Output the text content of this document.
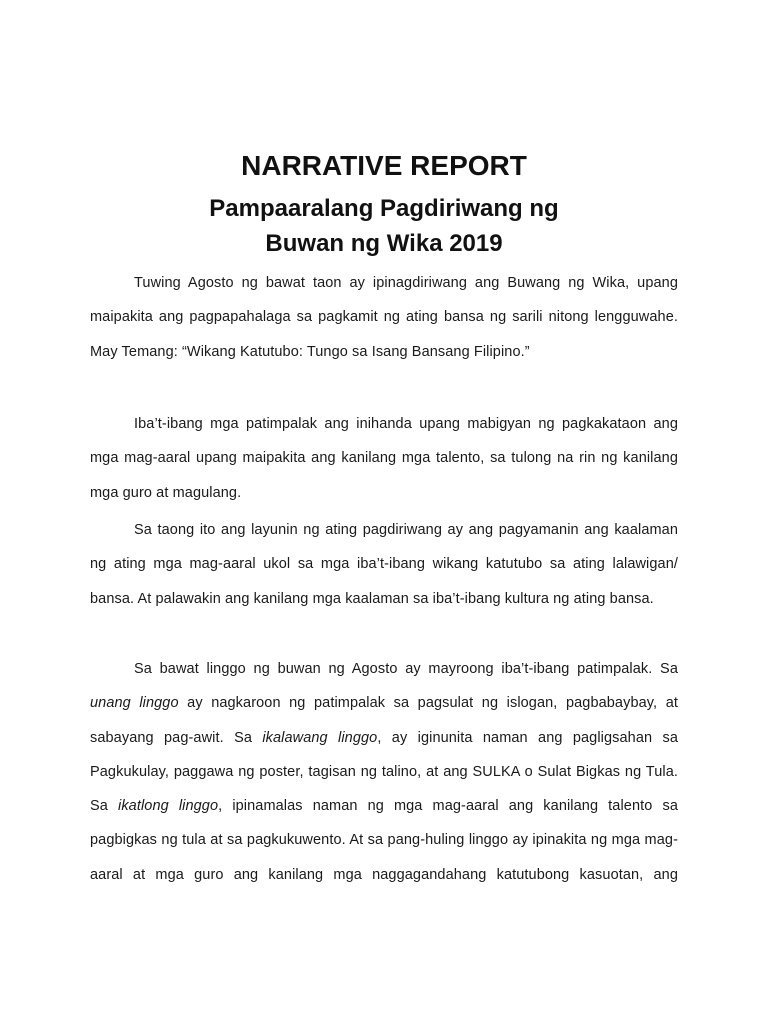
NARRATIVE REPORT
Pampaaralang Pagdiriwang ng
Buwan ng Wika 2019

Tuwing Agosto ng bawat taon ay ipinagdiriwang ang Buwang ng Wika, upang maipakita ang pagpapahalaga sa pagkamit ng ating bansa ng sarili nitong lengguwahe. May Temang: “Wikang Katutubo: Tungo sa Isang Bansang Filipino.”

Iba’t-ibang mga patimpalak ang inihanda upang mabigyan ng pagkakataon ang mga mag-aaral upang maipakita ang kanilang mga talento, sa tulong na rin ng kanilang mga guro at magulang.

Sa taong ito ang layunin ng ating pagdiriwang ay ang pagyamanin ang kaalaman ng ating mga mag-aaral ukol sa mga iba’t-ibang wikang katutubo sa ating lalawigan/ bansa. At palawakin ang kanilang mga kaalaman sa iba’t-ibang kultura ng ating bansa.

Sa bawat linggo ng buwan ng Agosto ay mayroong iba’t-ibang patimpalak. Sa unang linggo ay nagkaroon ng patimpalak sa pagsulat ng islogan, pagbabaybay, at sabayang pag-awit. Sa ikalawang linggo, ay iginunita naman ang pagligsahan sa Pagkukulay, paggawa ng poster, tagisan ng talino, at ang SULKA o Sulat Bigkas ng Tula. Sa ikatlong linggo, ipinamalas naman ng mga mag-aaral ang kanilang talento sa pagbigkas ng tula at sa pagkukuwento. At sa pang-huling linggo ay ipinakita ng mga mag-aaral at mga guro ang kanilang mga naggagandahang katutubong kasuotan, ang
